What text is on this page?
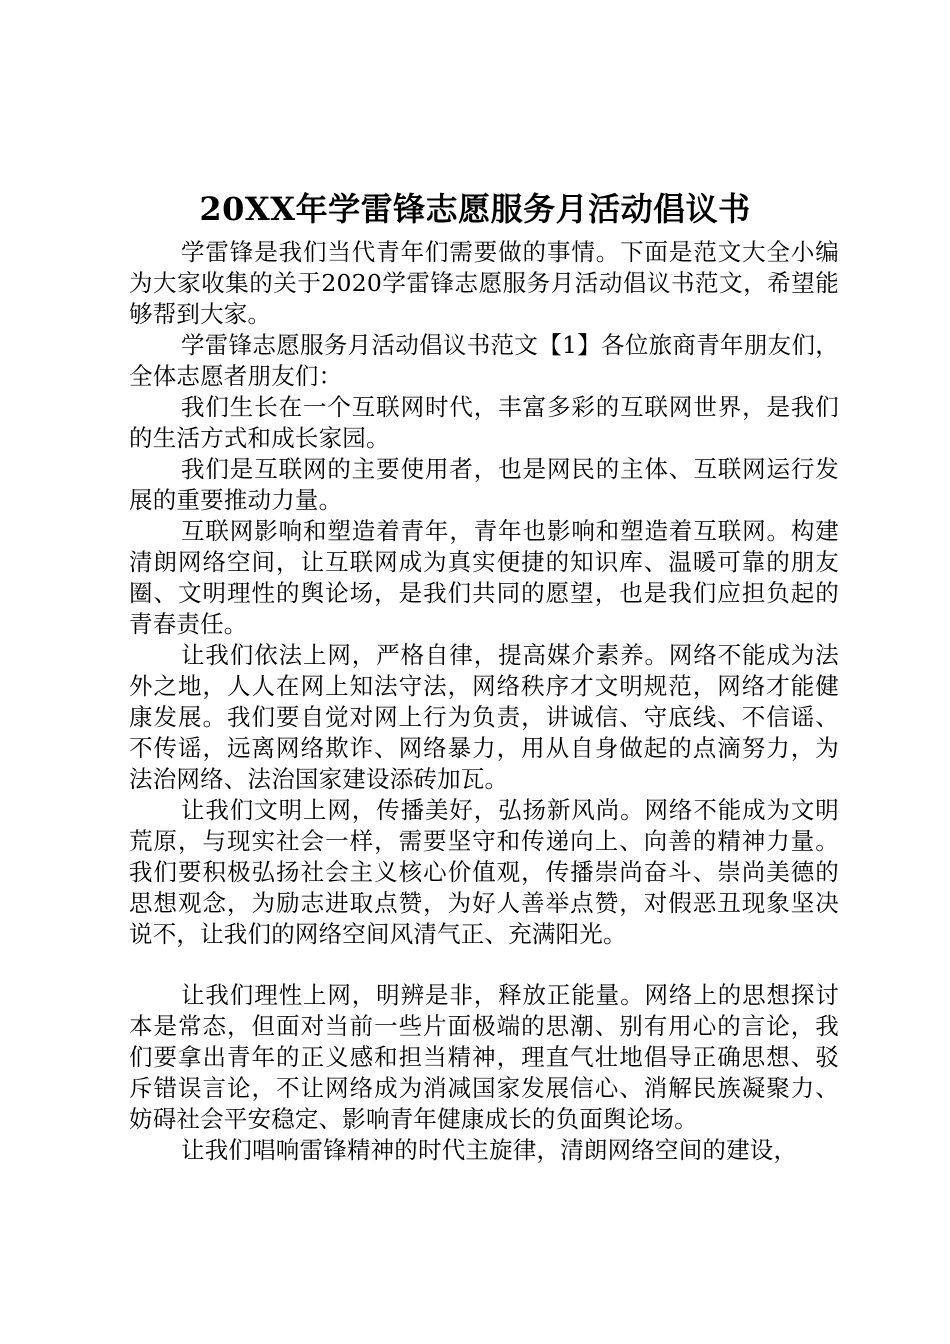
20XX年学雷锋志愿服务月活动倡议书

学雷锋是我们当代青年们需要做的事情。下面是范文大全小编为大家收集的关于2020学雷锋志愿服务月活动倡议书范文，希望能够帮到大家。

学雷锋志愿服务月活动倡议书范文【1】各位旅商青年朋友们，全体志愿者朋友们：

我们生长在一个互联网时代，丰富多彩的互联网世界，是我们的生活方式和成长家园。

我们是互联网的主要使用者，也是网民的主体、互联网运行发展的重要推动力量。

互联网影响和塑造着青年，青年也影响和塑造着互联网。构建清朗网络空间，让互联网成为真实便捷的知识库、温暖可靠的朋友圈、文明理性的舆论场，是我们共同的愿望，也是我们应担负起的青春责任。

让我们依法上网，严格自律，提高媒介素养。网络不能成为法外之地，人人在网上知法守法，网络秩序才文明规范，网络才能健康发展。我们要自觉对网上行为负责，讲诚信、守底线、不信谣、不传谣，远离网络欺诈、网络暴力，用从自身做起的点滴努力，为法治网络、法治国家建设添砖加瓦。

让我们文明上网，传播美好，弘扬新风尚。网络不能成为文明荒原，与现实社会一样，需要坚守和传递向上、向善的精神力量。我们要积极弘扬社会主义核心价值观，传播崇尚奋斗、崇尚美德的思想观念，为励志进取点赞，为好人善举点赞，对假恶丑现象坚决说不，让我们的网络空间风清气正、充满阳光。

让我们理性上网，明辨是非，释放正能量。网络上的思想探讨本是常态，但面对当前一些片面极端的思潮、别有用心的言论，我们要拿出青年的正义感和担当精神，理直气壮地倡导正确思想、驳斥错误言论，不让网络成为消减国家发展信心、消解民族凝聚力、妨碍社会平安稳定、影响青年健康成长的负面舆论场。

让我们唱响雷锋精神的时代主旋律，清朗网络空间的建设，
